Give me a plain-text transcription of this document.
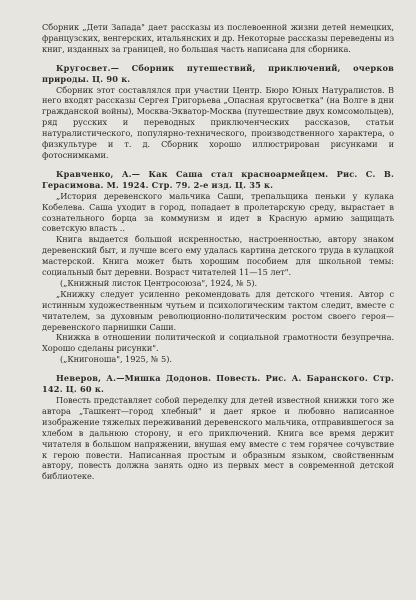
Сборник „Дети Запада" дает рассказы из послевоенной жизни детей немецких, французских, венгерских, итальянских и др. Некоторые рассказы переведены из книг, изданных за границей, но большая часть написана для сборника.

Кругосвет.— Сборник путешествий, приключений, очерков природы. Ц. 90 к.

Сборник этот составлялся при участии Центр. Бюро Юных Натуралистов. В него входят рассказы Сергея Григорьева „Опасная кругосветка" (на Волге в дни гражданской войны), Москва-Экватор-Москва (путешествие двух комсомольцев), ряд русских и переводных приключенческих рассказов, статьи натуралистического, популярно-технического, производственного характера, о физкультуре и т. д. Сборник хорошо иллюстрирован рисунками и фотоснимками.

Кравченко, А.— Как Саша стал красноармейцем. Рис. С. В. Герасимова. М. 1924. Стр. 79. 2-е изд. Ц. 35 к.

„История деревенского мальчика Саши, трепальщика пеньки у кулака Кобелева. Саша уходит в город, попадает в пролетарскую среду, вырастает в сознательного борца за коммунизм и идет в Красную армию защищать советскую власть ..

Книга выдается большой искренностью, настроенностью, автору знаком деревенский быт, и лучше всего ему удалась картина детского труда в кулацкой мастерской. Книга может быть хорошим пособием для школьной темы: социальный быт деревни. Возраст читателей 11—15 лет".

(„Книжный листок Центросоюза", 1924, № 5).

„Книжку следует усиленно рекомендовать для детского чтения. Автор с истинным художественным чутьем и психологическим тактом следит, вместе с читателем, за духовным революционно-политическим ростом своего героя—деревенского парнишки Саши.

Книжка в отношении политической и социальной грамотности безупречна. Хорошо сделаны рисунки".

(„Книгоноша", 1925, № 5).

Неверов, А.—Мишка Додонов. Повесть. Рис. А. Баранского. Стр. 142. Ц. 60 к.

Повесть представляет собой переделку для детей известной книжки того же автора „Ташкент—город хлебный" и дает яркое и любовно написанное изображение тяжелых переживаний деревенского мальчика, отправившегося за хлебом в дальнюю сторону, и его приключений. Книга все время держит читателя в большом напряжении, внушая ему вместе с тем горячее сочувствие к герою повести. Написанная простым и образным языком, свойственным автору, повесть должна занять одно из первых мест в современной детской библиотеке.
